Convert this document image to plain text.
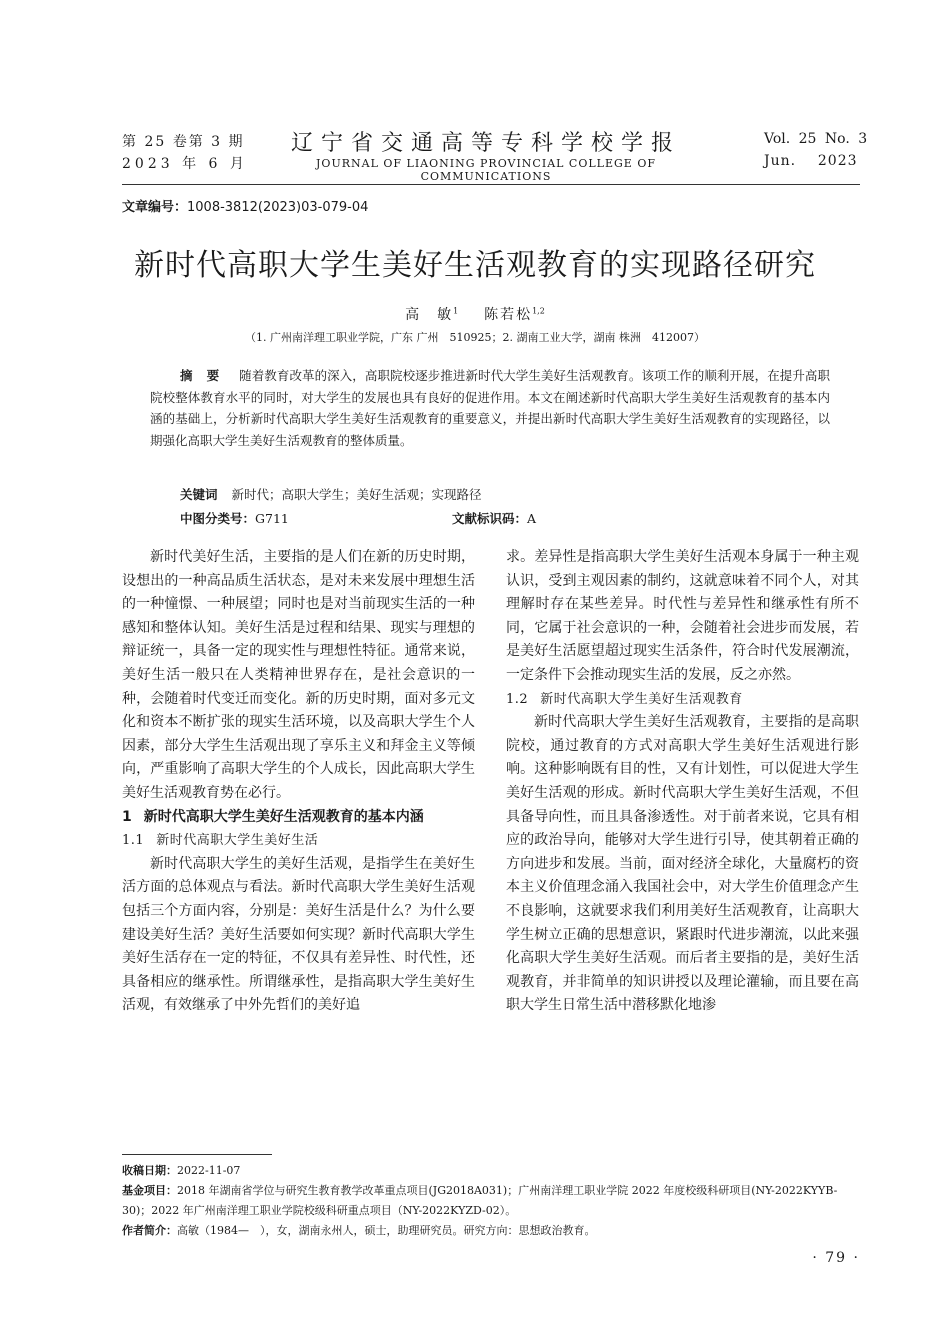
第 25 卷第 3 期
2023 年 6 月
辽宁省交通高等专科学校学报
JOURNAL OF LIAONING PROVINCIAL COLLEGE OF COMMUNICATIONS
Vol. 25 No. 3
Jun.    2023
文章编号：1008-3812(2023)03-079-04
新时代高职大学生美好生活观教育的实现路径研究
高　敏$^1$ 陈若松$^{1,2}$
（1. 广州南洋理工职业学院，广东 广州　510925；2. 湖南工业大学，湖南 株洲　412007）
摘要 随着教育改革的深入，高职院校逐步推进新时代大学生美好生活观教育。该项工作的顺利开展，在提升高职院校整体教育水平的同时，对大学生的发展也具有良好的促进作用。本文在阐述新时代高职大学生美好生活观教育的基本内涵的基础上，分析新时代高职大学生美好生活观教育的重要意义，并提出新时代高职大学生美好生活观教育的实现路径，以期强化高职大学生美好生活观教育的整体质量。
关键词 新时代；高职大学生；美好生活观；实现路径
中图分类号：G711	文献标识码：A

新时代美好生活，主要指的是人们在新的历史时期，设想出的一种高品质生活状态，是对未来发展中理想生活的一种憧憬、一种展望；同时也是对当前现实生活的一种感知和整体认知。美好生活是过程和结果、现实与理想的辩证统一，具备一定的现实性与理想性特征。通常来说，美好生活一般只在人类精神世界存在，是社会意识的一种，会随着时代变迁而变化。新的历史时期，面对多元文化和资本不断扩张的现实生活环境，以及高职大学生个人因素，部分大学生生活观出现了享乐主义和拜金主义等倾向，严重影响了高职大学生的个人成长，因此高职大学生美好生活观教育势在必行。

1 新时代高职大学生美好生活观教育的基本内涵
1.1 新时代高职大学生美好生活

新时代高职大学生的美好生活观，是指学生在美好生活方面的总体观点与看法。新时代高职大学生美好生活观包括三个方面内容，分别是：美好生活是什么？为什么要建设美好生活？美好生活要如何实现？新时代高职大学生美好生活存在一定的特征，不仅具有差异性、时代性，还具备相应的继承性。所谓继承性，是指高职大学生美好生活观，有效继承了中外先哲们的美好追

求。差异性是指高职大学生美好生活观本身属于一种主观认识，受到主观因素的制约，这就意味着不同个人，对其理解时存在某些差异。时代性与差异性和继承性有所不同，它属于社会意识的一种，会随着社会进步而发展，若是美好生活愿望超过现实生活条件，符合时代发展潮流，一定条件下会推动现实生活的发展，反之亦然。

1.2 新时代高职大学生美好生活观教育

新时代高职大学生美好生活观教育，主要指的是高职院校，通过教育的方式对高职大学生美好生活观进行影响。这种影响既有目的性，又有计划性，可以促进大学生美好生活观的形成。新时代高职大学生美好生活观，不但具备导向性，而且具备渗透性。对于前者来说，它具有相应的政治导向，能够对大学生进行引导，使其朝着正确的方向进步和发展。当前，面对经济全球化，大量腐朽的资本主义价值理念涌入我国社会中，对大学生价值理念产生不良影响，这就要求我们利用美好生活观教育，让高职大学生树立正确的思想意识，紧跟时代进步潮流，以此来强化高职大学生美好生活观。而后者主要指的是，美好生活观教育，并非简单的知识讲授以及理论灌输，而且要在高职大学生日常生活中潜移默化地渗

收稿日期：2022-11-07
基金项目：2018 年湖南省学位与研究生教育教学改革重点项目(JG2018A031)；广州南洋理工职业学院 2022 年度校级科研项目(NY-2022KYYB-30)；2022 年广州南洋理工职业学院校级科研重点项目（NY-2022KYZD-02）。
作者简介：高敏（1984—　），女，湖南永州人，硕士，助理研究员。研究方向：思想政治教育。
· 79 ·
